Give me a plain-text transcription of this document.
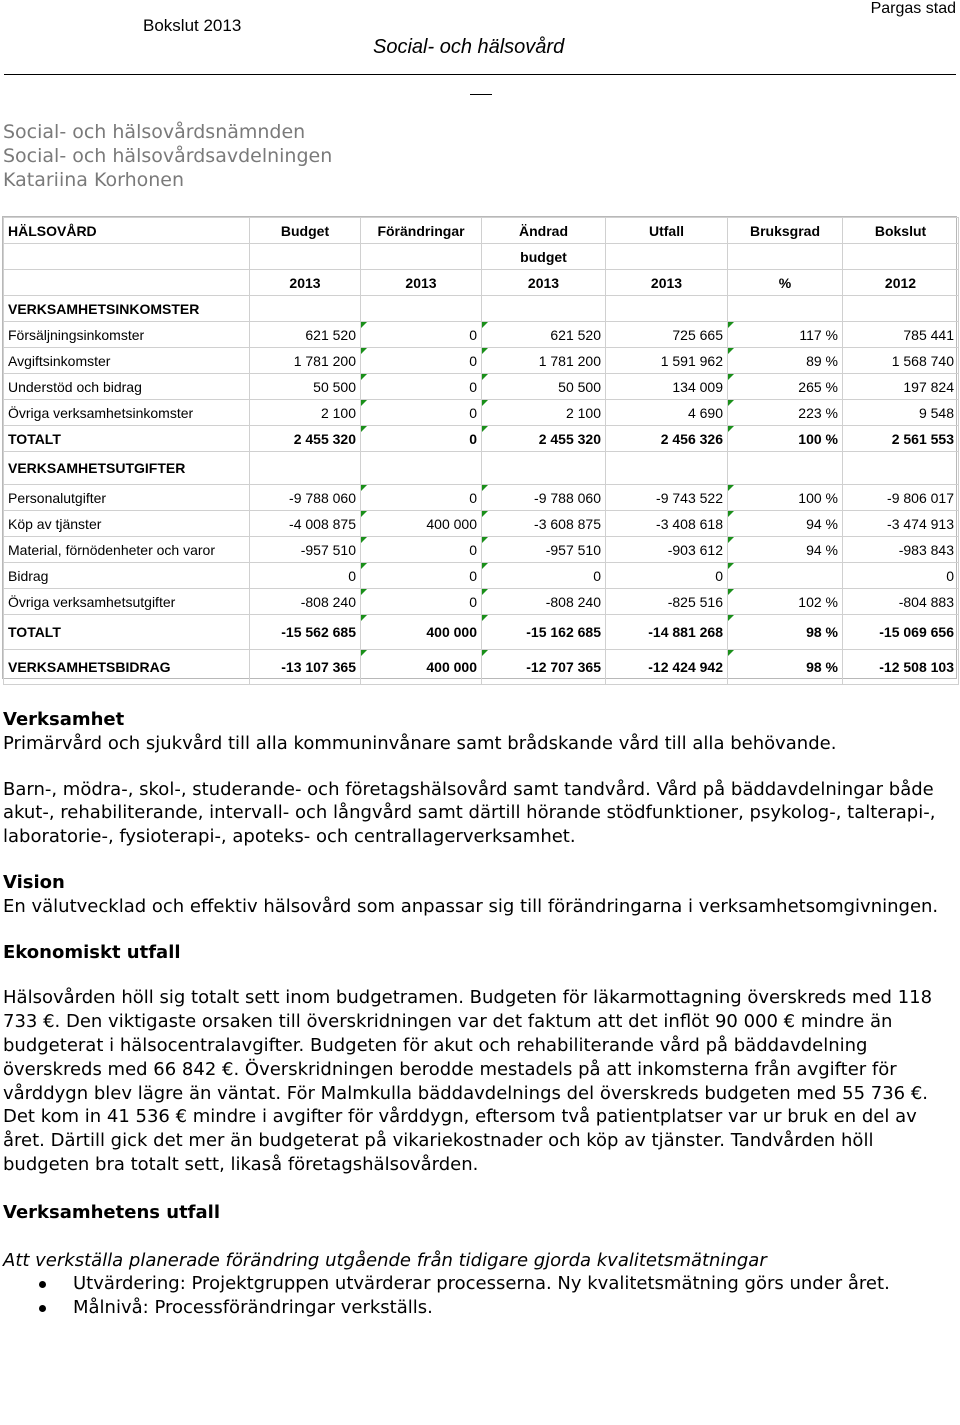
Bokslut 2013
Pargas stad
Social- och hälsovård
Social- och hälsovårdsnämnden
Social- och hälsovårdsavdelningen
Katariina Korhonen
HÄLSOVÅRD	Budget	Förändringar	Ändrad	Utfall	Bruksgrad	Bokslut
			budget			
	2013	2013	2013	2013	%	2012
VERKSAMHETSINKOMSTER						
Försäljningsinkomster	621 520	0	621 520	725 665	117 %	785 441
Avgiftsinkomster	1 781 200	0	1 781 200	1 591 962	89 %	1 568 740
Understöd och bidrag	50 500	0	50 500	134 009	265 %	197 824
Övriga verksamhetsinkomster	2 100	0	2 100	4 690	223 %	9 548
TOTALT	2 455 320	0	2 455 320	2 456 326	100 %	2 561 553
VERKSAMHETSUTGIFTER						
Personalutgifter	-9 788 060	0	-9 788 060	-9 743 522	100 %	-9 806 017
Köp av tjänster	-4 008 875	400 000	-3 608 875	-3 408 618	94 %	-3 474 913
Material, förnödenheter och varor	-957 510	0	-957 510	-903 612	94 %	-983 843
Bidrag	0	0	0	0		0
Övriga verksamhetsutgifter	-808 240	0	-808 240	-825 516	102 %	-804 883
TOTALT	-15 562 685	400 000	-15 162 685	-14 881 268	98 %	-15 069 656
VERKSAMHETSBIDRAG	-13 107 365	400 000	-12 707 365	-12 424 942	98 %	-12 508 103

Verksamhet

Primärvård och sjukvård till alla kommuninvånare samt brådskande vård till alla behövande.

Barn-, mödra-, skol-, studerande- och företagshälsovård samt tandvård. Vård på bäddavdelningar både akut-, rehabiliterande, intervall- och långvård samt därtill hörande stödfunktioner, psykolog-, talterapi-, laboratorie-, fysioterapi-, apoteks- och centrallagerverksamhet.

Vision

En välutvecklad och effektiv hälsovård som anpassar sig till förändringarna i verksamhetsomgivningen.

Ekonomiskt utfall

Hälsovården höll sig totalt sett inom budgetramen. Budgeten för läkarmottagning överskreds med 118 733 €. Den viktigaste orsaken till överskridningen var det faktum att det inflöt 90 000 € mindre än budgeterat i hälsocentralavgifter. Budgeten för akut och rehabiliterande vård på bäddavdelning överskreds med 66 842 €. Överskridningen berodde mestadels på att inkomsterna från avgifter för vårddygn blev lägre än väntat. För Malmkulla bäddavdelnings del överskreds budgeten med 55 736 €. Det kom in 41 536 € mindre i avgifter för vårddygn, eftersom två patientplatser var ur bruk en del av året. Därtill gick det mer än budgeterat på vikariekostnader och köp av tjänster. Tandvården höll budgeten bra totalt sett, likaså företagshälsovården.

Verksamhetens utfall

Att verkställa planerade förändring utgående från tidigare gjorda kvalitetsmätningar

Utvärdering: Projektgruppen utvärderar processerna. Ny kvalitetsmätning görs under året.
Målnivå: Processförändringar verkställs.
